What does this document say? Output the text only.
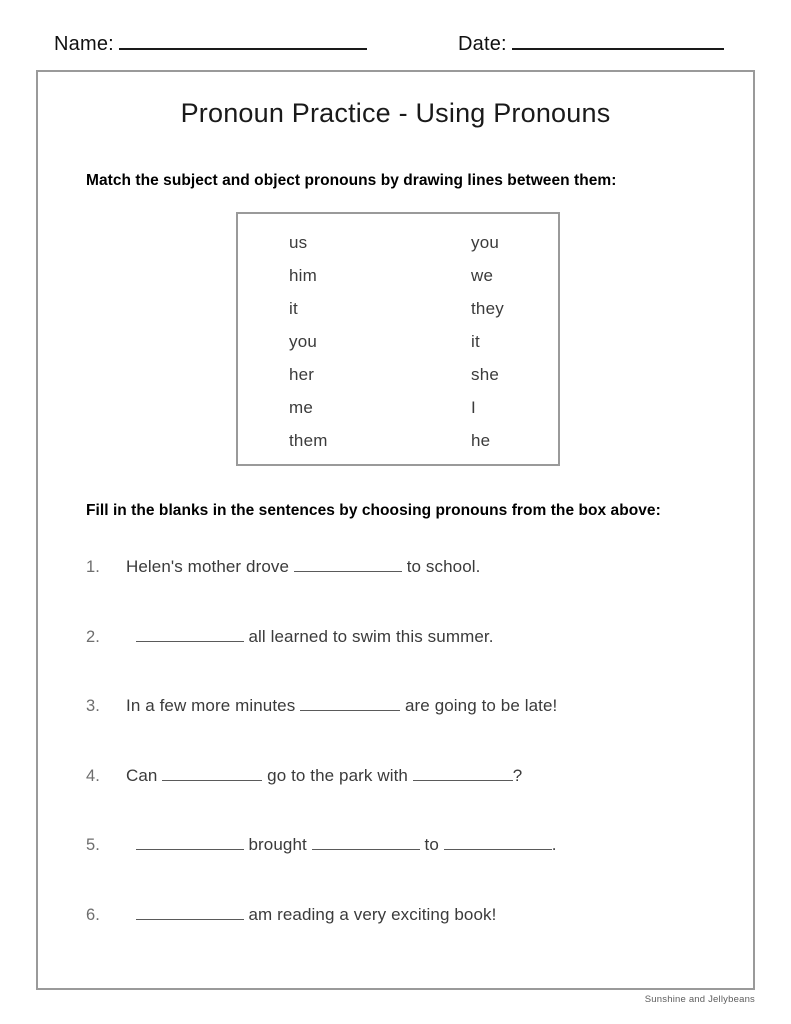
Name:	Date:
Pronoun Practice - Using Pronouns
Match the subject and object pronouns by drawing lines between them:
us	you
him	we
it	they
you	it
her	she
me	I
them	he
Fill in the blanks in the sentences by choosing pronouns from the box above:
1.	Helen's mother drove	to school.
2.	all learned to swim this summer.
3.	In a few more minutes	are going to be late!
4.	Can	go to the park with	?
5.	brought	to	.
6.	am reading a very exciting book!
Sunshine and Jellybeans
